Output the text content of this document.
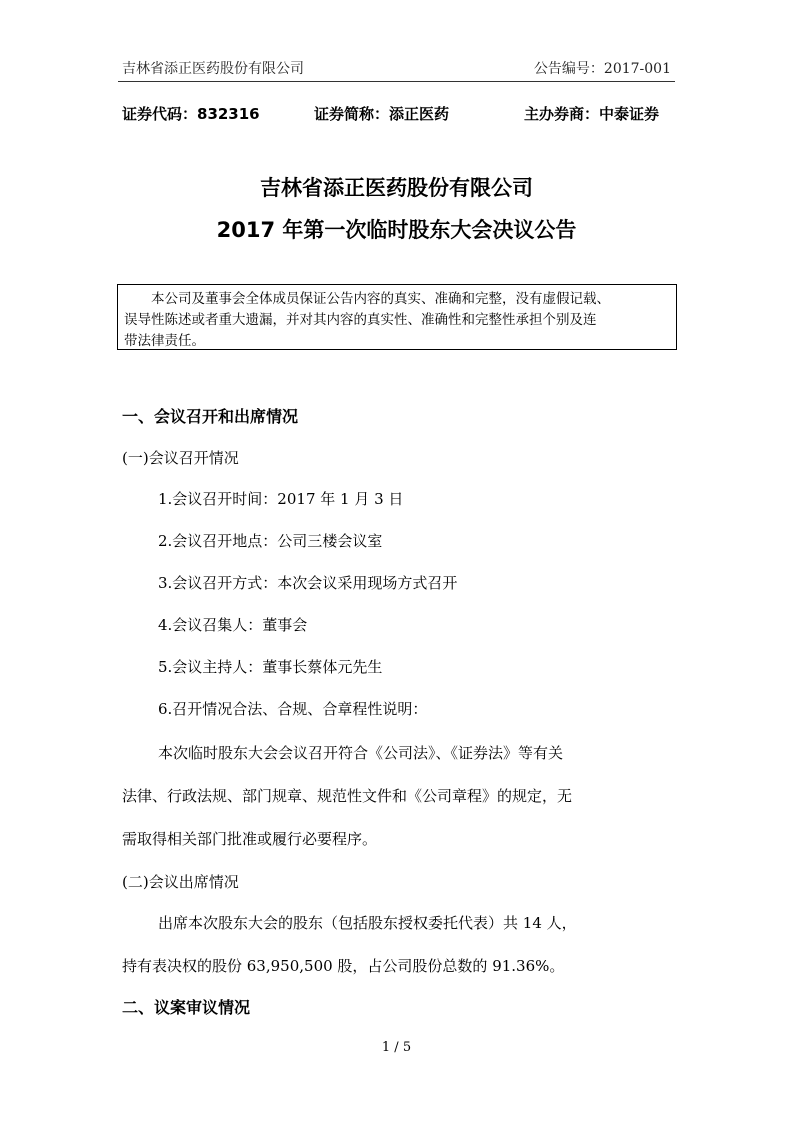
吉林省添正医药股份有限公司	公告编号：2017-001
证券代码：832316	证券简称：添正医药	主办券商：中泰证券
吉林省添正医药股份有限公司
2017 年第一次临时股东大会决议公告
本公司及董事会全体成员保证公告内容的真实、准确和完整，没有虚假记载、
误导性陈述或者重大遗漏，并对其内容的真实性、准确性和完整性承担个别及连
带法律责任。
一、会议召开和出席情况
(一)会议召开情况
1.会议召开时间：2017 年 1 月 3 日
2.会议召开地点：公司三楼会议室
3.会议召开方式：本次会议采用现场方式召开
4.会议召集人：董事会
5.会议主持人：董事长蔡体元先生
6.召开情况合法、合规、合章程性说明：
本次临时股东大会会议召开符合《公司法》、《证券法》等有关
法律、行政法规、部门规章、规范性文件和《公司章程》的规定，无
需取得相关部门批准或履行必要程序。
(二)会议出席情况
出席本次股东大会的股东（包括股东授权委托代表）共 14 人，
持有表决权的股份 63,950,500 股，占公司股份总数的 91.36%。
二、议案审议情况
1 / 5
